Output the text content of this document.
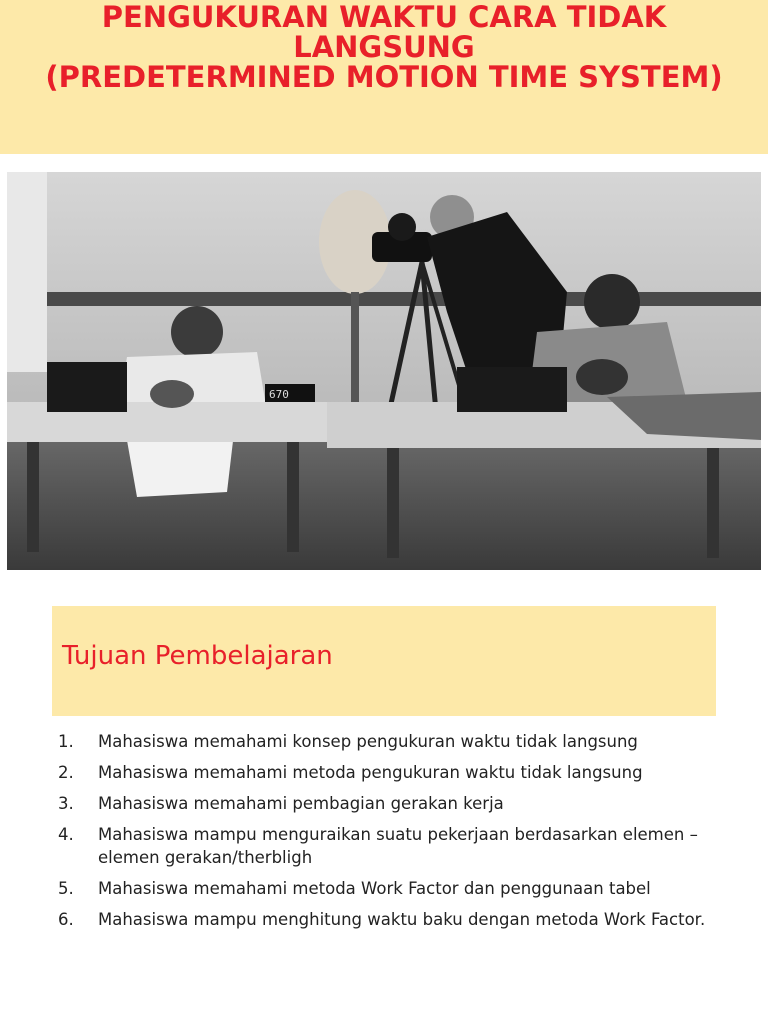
PENGUKURAN WAKTU CARA TIDAK
LANGSUNG
(PREDETERMINED MOTION TIME SYSTEM)
670
Tujuan Pembelajaran
1.	Mahasiswa memahami konsep pengukuran waktu tidak langsung
2.	Mahasiswa memahami metoda pengukuran waktu tidak langsung
3.	Mahasiswa memahami pembagian gerakan kerja
4.	Mahasiswa mampu menguraikan suatu pekerjaan berdasarkan elemen –elemen gerakan/therbligh
5.	Mahasiswa memahami metoda Work Factor dan penggunaan tabel
6.	Mahasiswa mampu menghitung waktu baku dengan metoda Work Factor.
